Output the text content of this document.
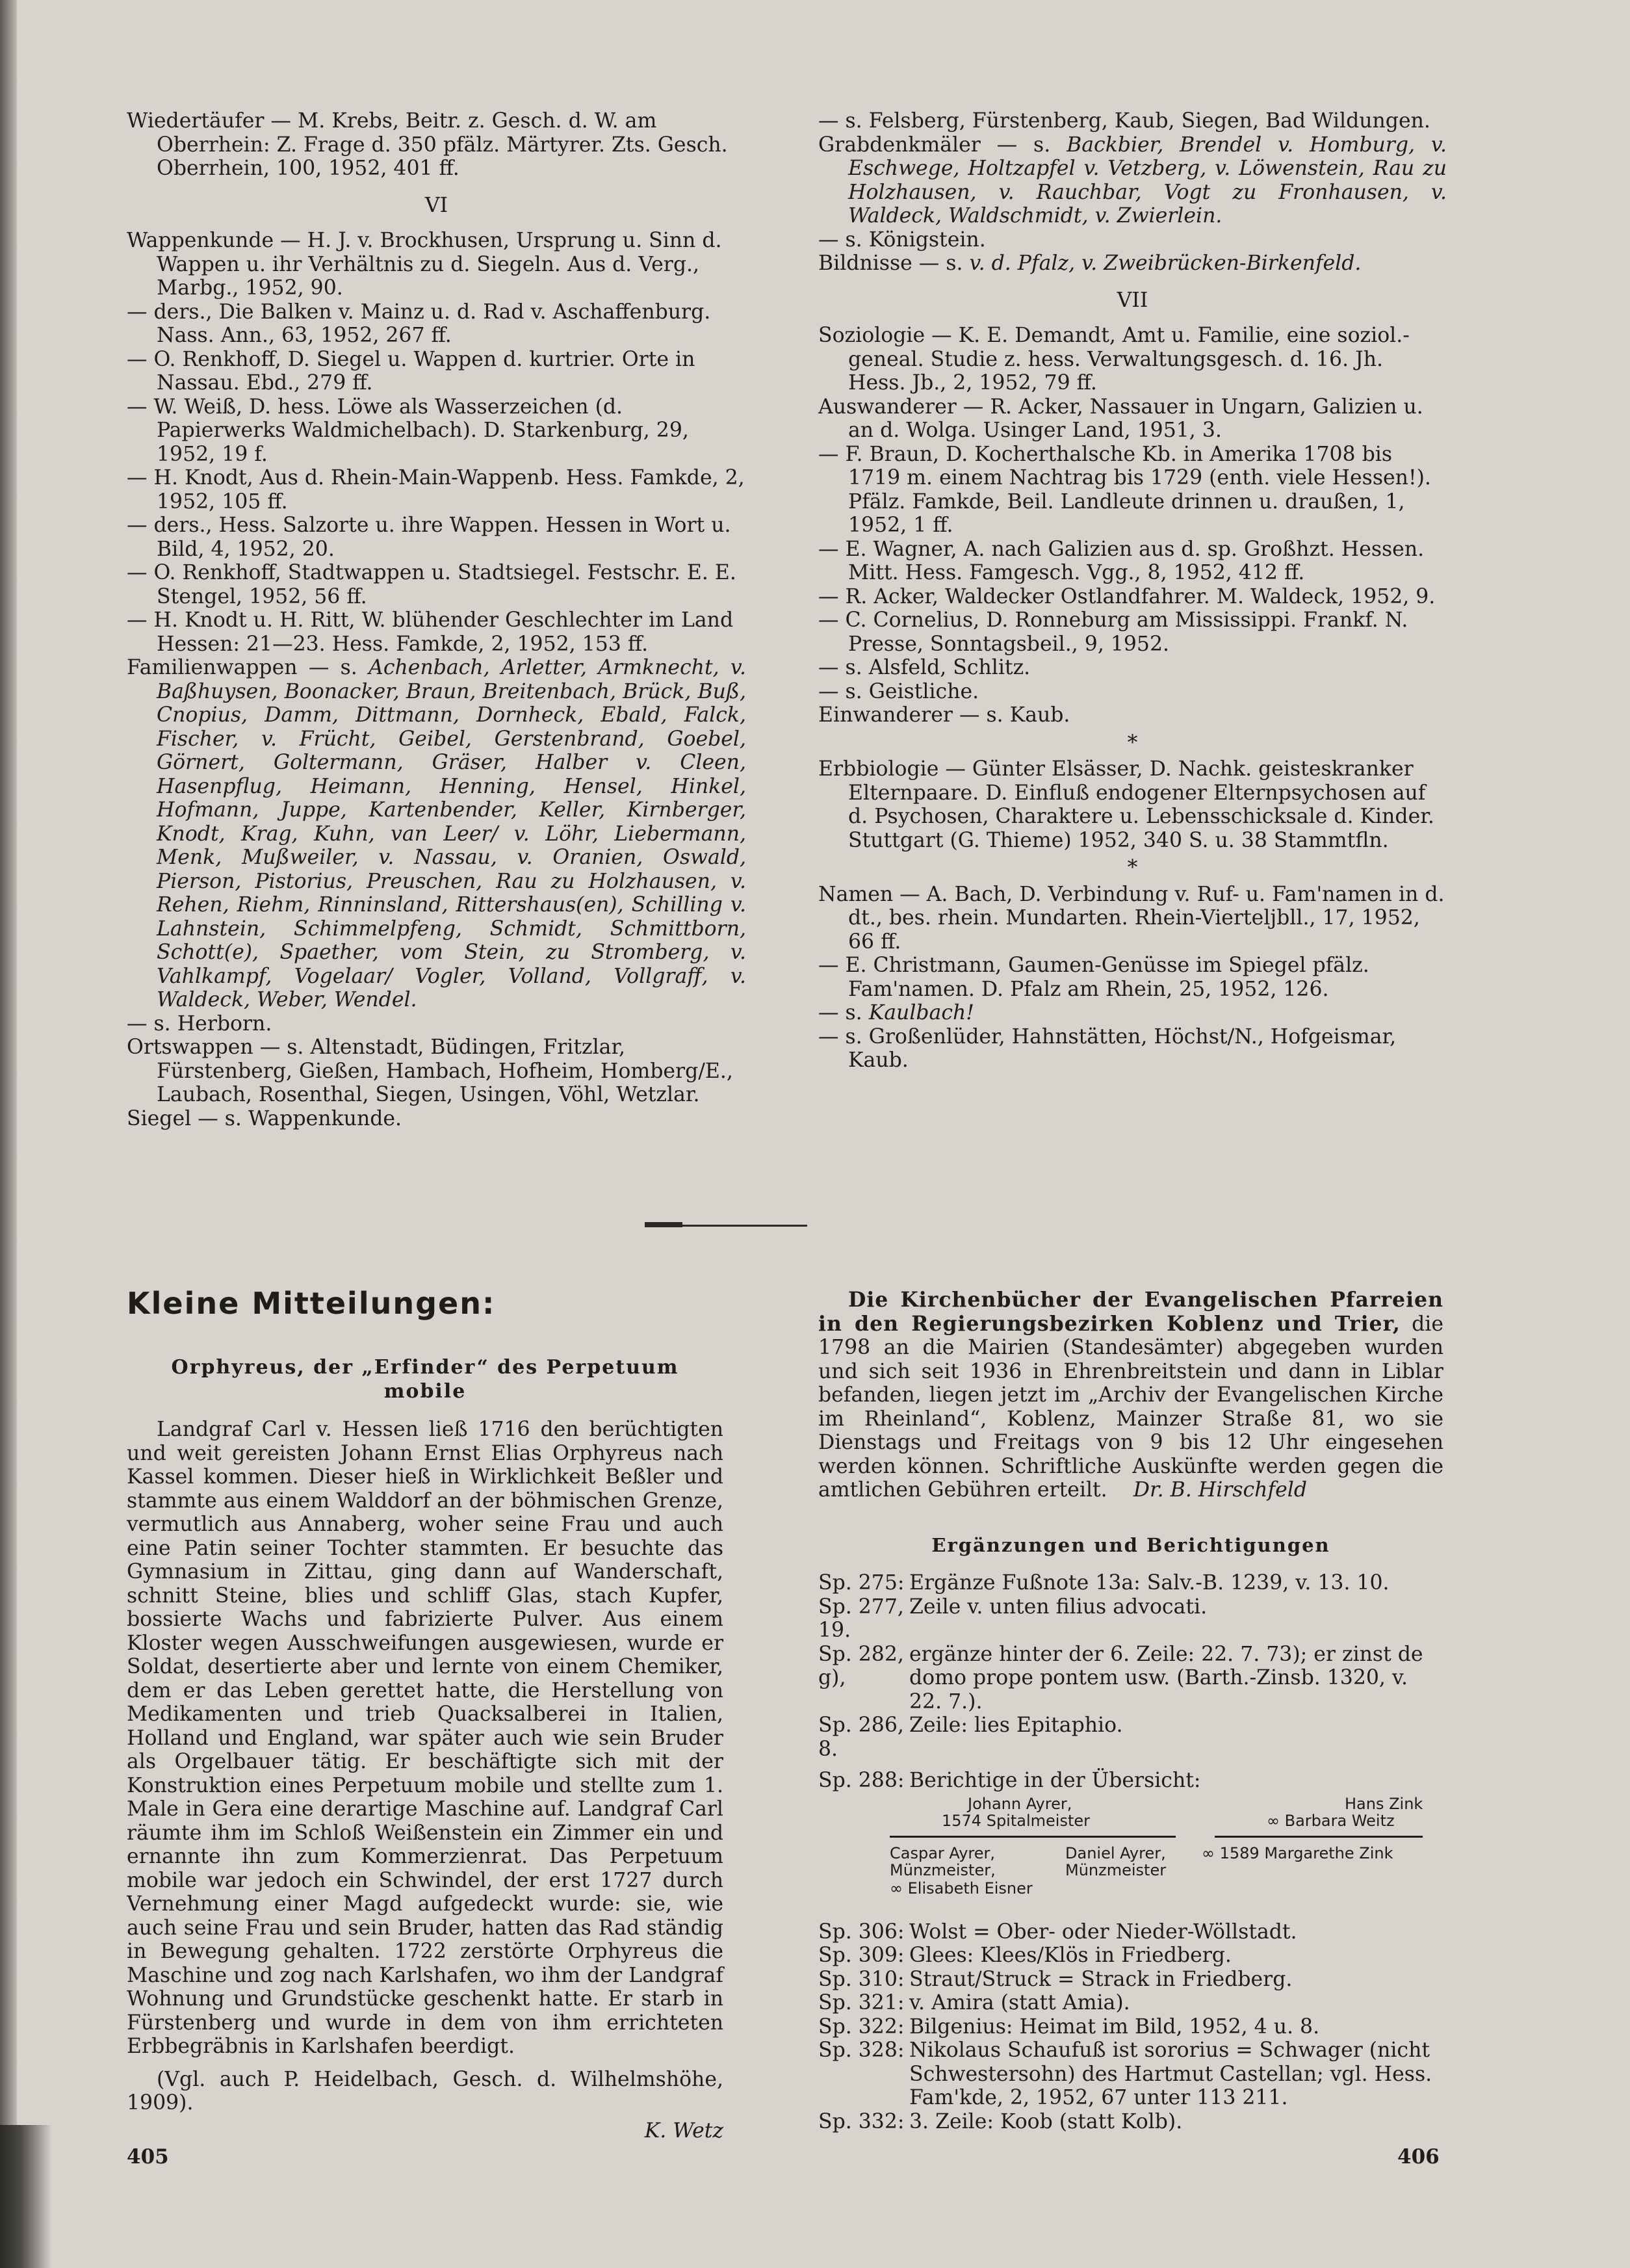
Wiedertäufer — M. Krebs, Beitr. z. Gesch. d. W. am Oberrhein: Z. Frage d. 350 pfälz. Märtyrer. Zts. Gesch. Oberrhein, 100, 1952, 401 ff.

VI

Wappenkunde — H. J. v. Brockhusen, Ursprung u. Sinn d. Wappen u. ihr Verhältnis zu d. Siegeln. Aus d. Verg., Marbg., 1952, 90.

— ders., Die Balken v. Mainz u. d. Rad v. Aschaffenburg. Nass. Ann., 63, 1952, 267 ff.

— O. Renkhoff, D. Siegel u. Wappen d. kurtrier. Orte in Nassau. Ebd., 279 ff.

— W. Weiß, D. hess. Löwe als Wasserzeichen (d. Papierwerks Waldmichelbach). D. Starkenburg, 29, 1952, 19 f.

— H. Knodt, Aus d. Rhein-Main-Wappenb. Hess. Famkde, 2, 1952, 105 ff.

— ders., Hess. Salzorte u. ihre Wappen. Hessen in Wort u. Bild, 4, 1952, 20.

— O. Renkhoff, Stadtwappen u. Stadtsiegel. Festschr. E. E. Stengel, 1952, 56 ff.

— H. Knodt u. H. Ritt, W. blühender Geschlechter im Land Hessen: 21—23. Hess. Famkde, 2, 1952, 153 ff.

Familienwappen — s. Achenbach, Arletter, Armknecht, v. Baßhuysen, Boonacker, Braun, Breitenbach, Brück, Buß, Cnopius, Damm, Dittmann, Dornheck, Ebald, Falck, Fischer, v. Frücht, Geibel, Gerstenbrand, Goebel, Görnert, Goltermann, Gräser, Halber v. Cleen, Hasenpflug, Heimann, Henning, Hensel, Hinkel, Hofmann, Juppe, Kartenbender, Keller, Kirnberger, Knodt, Krag, Kuhn, van Leer/ v. Löhr, Liebermann, Menk, Mußweiler, v. Nassau, v. Oranien, Oswald, Pierson, Pistorius, Preuschen, Rau zu Holzhausen, v. Rehen, Riehm, Rinninsland, Rittershaus(en), Schilling v. Lahnstein, Schimmelpfeng, Schmidt, Schmittborn, Schott(e), Spaether, vom Stein, zu Stromberg, v. Vahlkampf, Vogelaar/ Vogler, Volland, Vollgraff, v. Waldeck, Weber, Wendel.

— s. Herborn.

Ortswappen — s. Altenstadt, Büdingen, Fritzlar, Fürstenberg, Gießen, Hambach, Hofheim, Homberg/E., Laubach, Rosenthal, Siegen, Usingen, Vöhl, Wetzlar.

Siegel — s. Wappenkunde.

— s. Felsberg, Fürstenberg, Kaub, Siegen, Bad Wildungen.

Grabdenkmäler — s. Backbier, Brendel v. Homburg, v. Eschwege, Holtzapfel v. Vetzberg, v. Löwenstein, Rau zu Holzhausen, v. Rauchbar, Vogt zu Fronhausen, v. Waldeck, Waldschmidt, v. Zwierlein.

— s. Königstein.

Bildnisse — s. v. d. Pfalz, v. Zweibrücken-Birkenfeld.

VII

Soziologie — K. E. Demandt, Amt u. Familie, eine soziol.-geneal. Studie z. hess. Verwaltungsgesch. d. 16. Jh. Hess. Jb., 2, 1952, 79 ff.

Auswanderer — R. Acker, Nassauer in Ungarn, Galizien u. an d. Wolga. Usinger Land, 1951, 3.

— F. Braun, D. Kocherthalsche Kb. in Amerika 1708 bis 1719 m. einem Nachtrag bis 1729 (enth. viele Hessen!). Pfälz. Famkde, Beil. Landleute drinnen u. draußen, 1, 1952, 1 ff.

— E. Wagner, A. nach Galizien aus d. sp. Großhzt. Hessen. Mitt. Hess. Famgesch. Vgg., 8, 1952, 412 ff.

— R. Acker, Waldecker Ostlandfahrer. M. Waldeck, 1952, 9.

— C. Cornelius, D. Ronneburg am Mississippi. Frankf. N. Presse, Sonntagsbeil., 9, 1952.

— s. Alsfeld, Schlitz.

— s. Geistliche.

Einwanderer — s. Kaub.

*

Erbbiologie — Günter Elsässer, D. Nachk. geisteskranker Elternpaare. D. Einfluß endogener Elternpsychosen auf d. Psychosen, Charaktere u. Lebensschicksale d. Kinder. Stuttgart (G. Thieme) 1952, 340 S. u. 38 Stammtfln.

*

Namen — A. Bach, D. Verbindung v. Ruf- u. Fam'namen in d. dt., bes. rhein. Mundarten. Rhein-Vierteljbll., 17, 1952, 66 ff.

— E. Christmann, Gaumen-Genüsse im Spiegel pfälz. Fam'namen. D. Pfalz am Rhein, 25, 1952, 126.

— s. Kaulbach!

— s. Großenlüder, Hahnstätten, Höchst/N., Hofgeismar, Kaub.

Kleine Mitteilungen:
Orphyreus, der „Erfinder“ des Perpetuum mobile

Landgraf Carl v. Hessen ließ 1716 den berüchtigten und weit gereisten Johann Ernst Elias Orphyreus nach Kassel kommen. Dieser hieß in Wirklichkeit Beßler und stammte aus einem Walddorf an der böhmischen Grenze, vermutlich aus Annaberg, woher seine Frau und auch eine Patin seiner Tochter stammten. Er besuchte das Gymnasium in Zittau, ging dann auf Wanderschaft, schnitt Steine, blies und schliff Glas, stach Kupfer, bossierte Wachs und fabrizierte Pulver. Aus einem Kloster wegen Ausschweifungen ausgewiesen, wurde er Soldat, desertierte aber und lernte von einem Chemiker, dem er das Leben gerettet hatte, die Herstellung von Medikamenten und trieb Quacksalberei in Italien, Holland und England, war später auch wie sein Bruder als Orgelbauer tätig. Er beschäftigte sich mit der Konstruktion eines Perpetuum mobile und stellte zum 1. Male in Gera eine derartige Maschine auf. Landgraf Carl räumte ihm im Schloß Weißenstein ein Zimmer ein und ernannte ihn zum Kommerzienrat. Das Perpetuum mobile war jedoch ein Schwindel, der erst 1727 durch Vernehmung einer Magd aufgedeckt wurde: sie, wie auch seine Frau und sein Bruder, hatten das Rad ständig in Bewegung gehalten. 1722 zerstörte Orphyreus die Maschine und zog nach Karlshafen, wo ihm der Landgraf Wohnung und Grundstücke geschenkt hatte. Er starb in Fürstenberg und wurde in dem von ihm errichteten Erbbegräbnis in Karlshafen beerdigt.

(Vgl. auch P. Heidelbach, Gesch. d. Wilhelmshöhe, 1909).

K. Wetz

Die Kirchenbücher der Evangelischen Pfarreien in den Regierungsbezirken Koblenz und Trier, die 1798 an die Mairien (Standesämter) abgegeben wurden und sich seit 1936 in Ehrenbreitstein und dann in Liblar befanden, liegen jetzt im „Archiv der Evangelischen Kirche im Rheinland“, Koblenz, Mainzer Straße 81, wo sie Dienstags und Freitags von 9 bis 12 Uhr eingesehen werden können. Schriftliche Auskünfte werden gegen die amtlichen Gebühren erteilt. Dr. B. Hirschfeld

Ergänzungen und Berichtigungen
Sp. 275: Ergänze Fußnote 13a: Salv.-B. 1239, v. 13. 10.
Sp. 277, 19.
Zeile v. unten filius advocati.
Sp. 282, g),
ergänze hinter der 6. Zeile: 22. 7. 73); er zinst de domo prope pontem usw. (Barth.-Zinsb. 1320, v. 22. 7.).
Sp. 286, 8.
Zeile: lies Epitaphio.
Sp. 288: Berichtige in der Übersicht:
Johann Ayrer,
1574 Spitalmeister
Hans Zink
∞ Barbara Weitz
Caspar Ayrer,
Münzmeister,
Daniel Ayrer,
Münzmeister
∞ 1589 Margarethe Zink
∞ Elisabeth Eisner
Sp. 306: Wolst = Ober- oder Nieder-Wöllstadt.
Sp. 309: Glees: Klees/Klös in Friedberg.
Sp. 310: Straut/Struck = Strack in Friedberg.
Sp. 321: v. Amira (statt Amia).
Sp. 322: Bilgenius: Heimat im Bild, 1952, 4 u. 8.
Sp. 328: Nikolaus Schaufuß ist sororius = Schwager (nicht Schwestersohn) des Hartmut Castellan; vgl. Hess. Fam'kde, 2, 1952, 67 unter 113 211.
Sp. 332: 3. Zeile: Koob (statt Kolb).
405	406
